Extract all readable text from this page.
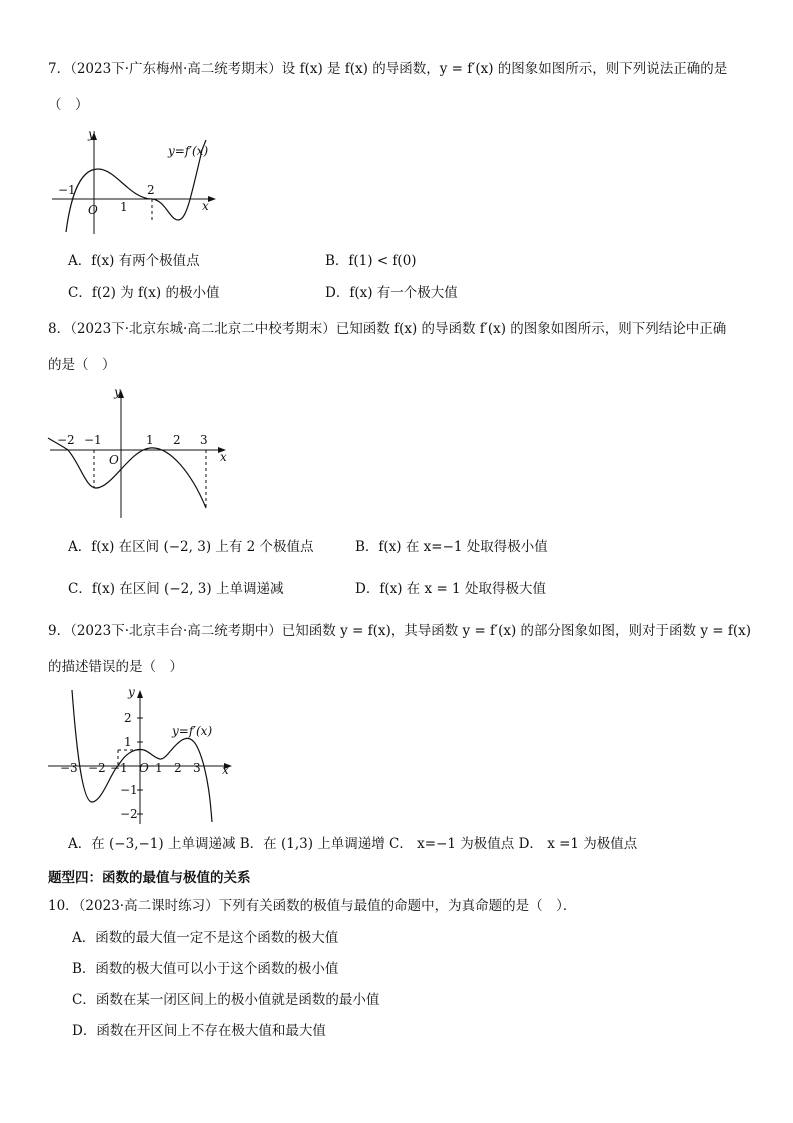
7．（2023下·广东梅州·高二统考期末）设 f(x) 是 f(x) 的导函数，y = f′(x) 的图象如图所示，则下列说法正确的是
（　）
y
x
O
−1
1
2
y=f′(x)
A．f(x) 有两个极值点	B．f(1) < f(0)
C．f(2) 为 f(x) 的极小值	D．f(x) 有一个极大值
8．（2023下·北京东城·高二北京二中校考期末）已知函数 f(x) 的导函数 f′(x) 的图象如图所示，则下列结论中正确
的是（　）
y
x
O
−2 −1	1 2 3
A．f(x) 在区间 (−2, 3) 上有 2 个极值点	B．f(x) 在 x=−1 处取得极小值
C．f(x) 在区间 (−2, 3) 上单调递减	D．f(x) 在 x = 1 处取得极大值
9．（2023下·北京丰台·高二统考期中）已知函数 y = f(x)，其导函数 y = f′(x) 的部分图象如图，则对于函数 y = f(x)
的描述错误的是（　）
y
x
O
−3 −2 −1 1 2 3
2
1
−1
−2
y=f′(x)
A．在 (−3,−1) 上单调递减 B．在 (1,3) 上单调递增 C． x=−1 为极值点 D． x =1 为极值点
题型四：函数的最值与极值的关系
10．（2023·高二课时练习）下列有关函数的极值与最值的命题中，为真命题的是（　）．
A．函数的最大值一定不是这个函数的极大值
B．函数的极大值可以小于这个函数的极小值
C．函数在某一闭区间上的极小值就是函数的最小值
D．函数在开区间上不存在极大值和最大值
